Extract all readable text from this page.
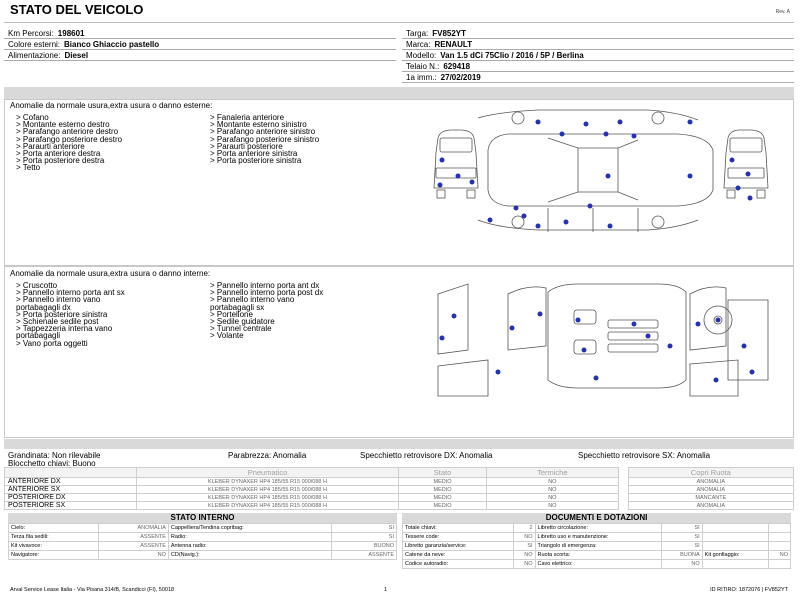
STATO DEL VEICOLO	Rev. A
Km Percorsi: 198601
Colore esterni: Bianco Ghiaccio pastello
Alimentazione: Diesel
Targa: FV852YT
Marca: RENAULT
Modello: Van 1.5 dCi 75Clio / 2016 / 5P / Berlina
Telaio N.: 629418
1a imm.: 27/02/2019
Anomalie da normale usura,extra usura o danno esterne:
> Cofano
> Montante esterno destro
> Parafango anteriore destro
> Parafango posteriore destro
> Paraurti anteriore
> Porta anteriore destra
> Porta posteriore destra
> Tetto
> Fanaleria anteriore
> Montante esterno sinistro
> Parafango anteriore sinistro
> Parafango posteriore sinistro
> Paraurti posteriore
> Porta anteriore sinistra
> Porta posteriore sinistra
Anomalie da normale usura,extra usura o danno interne:
> Cruscotto
> Pannello interno porta ant sx
> Pannello interno vano
portabagagli dx
> Porta posteriore sinistra
> Schienale sedile post
> Tappezzeria interna vano
portabagagli
> Vano porta oggetti
> Pannello interno porta ant dx
> Pannello interno porta post dx
> Pannello interno vano
portabagagli sx
> Portellone
> Sedile guidatore
> Tunnel centrale
> Volante
Grandinata: Non rilevabile
Blocchetto chiavi: Buono
Parabrezza: Anomalia	Specchietto retrovisore DX: Anomalia	Specchietto retrovisore SX: Anomalia
	Pneumatico	Stato	Termiche		Copri Ruota
ANTERIORE DX	KLEBER DYNAXER HP4 185/55 R15 000/088 H	MEDIO	NO		ANOMALIA
ANTERIORE SX	KLEBER DYNAXER HP4 185/55 R15 000/088 H	MEDIO	NO		ANOMALIA
POSTERIORE DX	KLEBER DYNAXER HP4 185/55 R15 000/088 H	MEDIO	NO		MANCANTE
POSTERIORE SX	KLEBER DYNAXER HP4 185/55 R15 000/088 H	MEDIO	NO		ANOMALIA
STATO INTERNO
Cielo:	ANOMALIA	Cappelliera/Tendina copribag:	SI
Terza fila sedili:	ASSENTE	Radio:	SI
Kit vivavoce:	ASSENTE	Antenna radio:	BUONO
Navigatore:	NO	CD(Navig.):	ASSENTE
DOCUMENTI E DOTAZIONI
Totale chiavi:	2	Libretto circolazione:	SI		
Tessere code:	NO	Libretto uso e manutenzione:	SI		
Libretto garanzia/service:	SI	Triangolo di emergenza:	SI		
Catene da neve:	NO	Ruota scorta:	BUONA	Kit gonfiaggio:	NO
Codice autoradio:	NO	Cavo elettrico:	NO		
Arval Service Lease Italia - Via Pisana 314/B, Scandicci (FI), 50018	1	ID RITIRO: 1872076 | FV852YT
